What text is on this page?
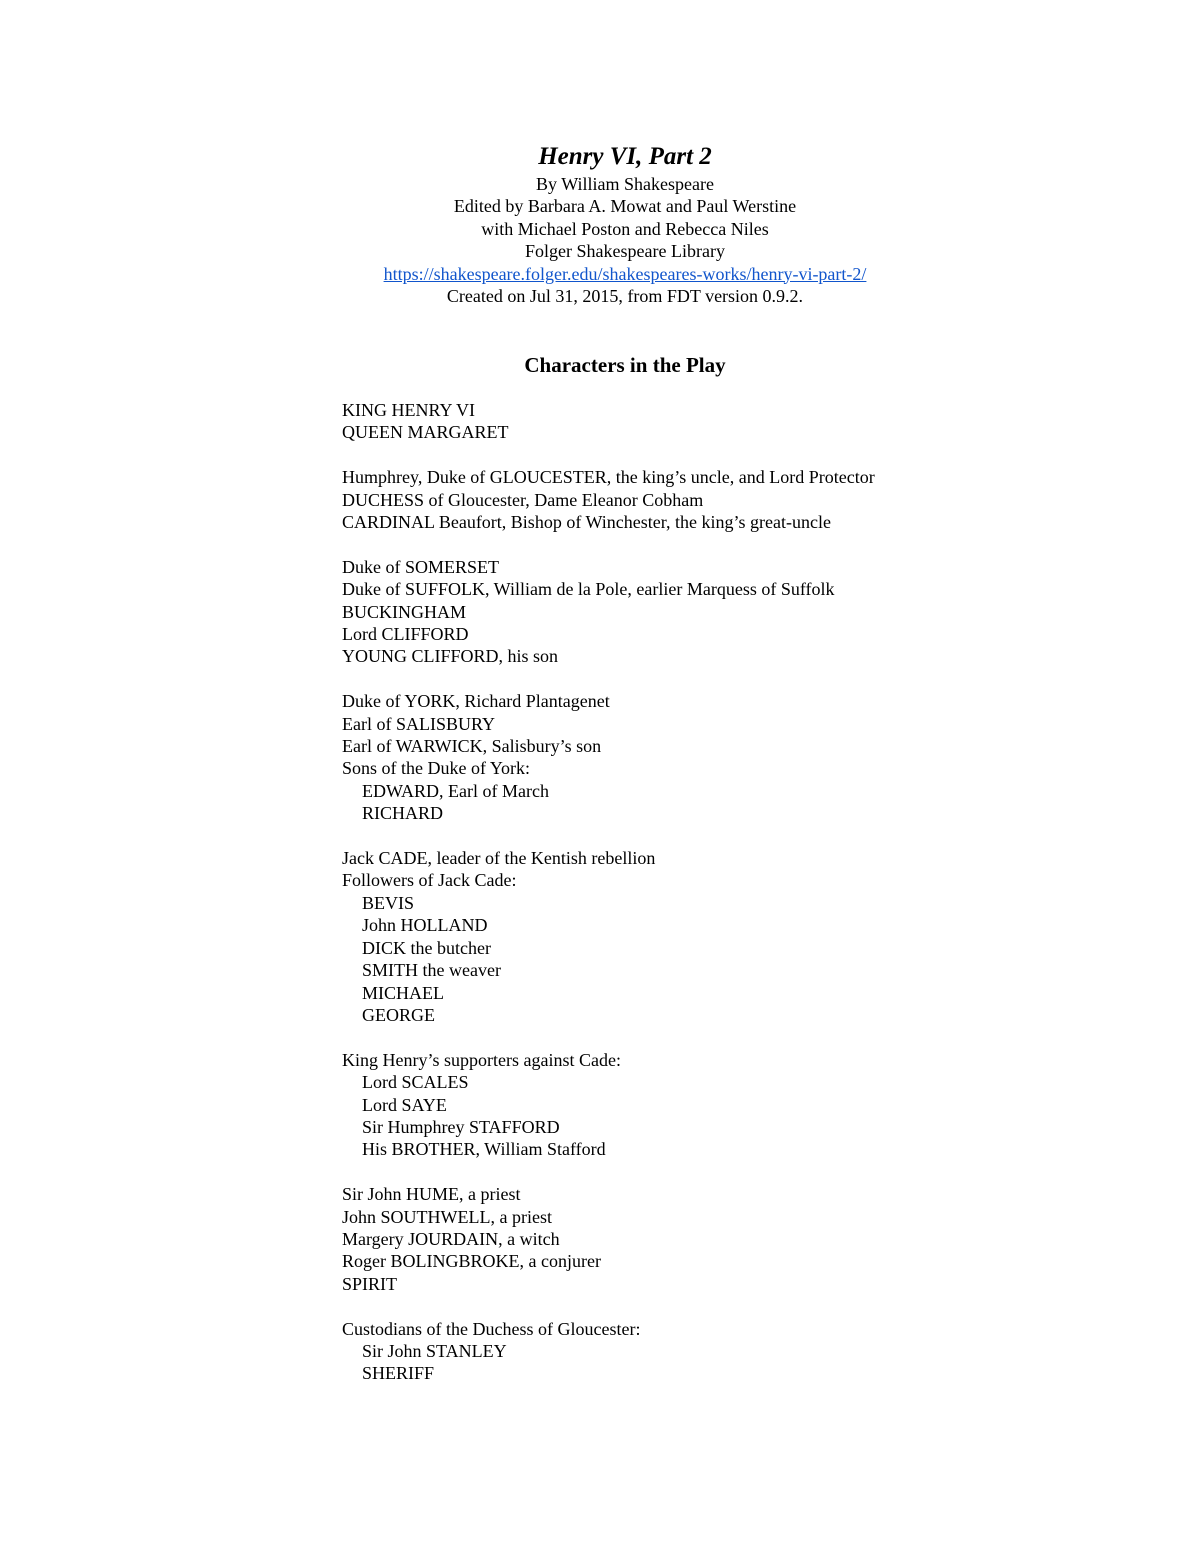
Henry VI, Part 2

By William Shakespeare

Edited by Barbara A. Mowat and Paul Werstine

with Michael Poston and Rebecca Niles

Folger Shakespeare Library

https://shakespeare.folger.edu/shakespeares-works/henry-vi-part-2/

Created on Jul 31, 2015, from FDT version 0.9.2.

Characters in the Play

KING HENRY VI

QUEEN MARGARET

Humphrey, Duke of GLOUCESTER, the king’s uncle, and Lord Protector

DUCHESS of Gloucester, Dame Eleanor Cobham

CARDINAL Beaufort, Bishop of Winchester, the king’s great-uncle

Duke of SOMERSET

Duke of SUFFOLK, William de la Pole, earlier Marquess of Suffolk

BUCKINGHAM

Lord CLIFFORD

YOUNG CLIFFORD, his son

Duke of YORK, Richard Plantagenet

Earl of SALISBURY

Earl of WARWICK, Salisbury’s son

Sons of the Duke of York:

EDWARD, Earl of March

RICHARD

Jack CADE, leader of the Kentish rebellion

Followers of Jack Cade:

BEVIS

John HOLLAND

DICK the butcher

SMITH the weaver

MICHAEL

GEORGE

King Henry’s supporters against Cade:

Lord SCALES

Lord SAYE

Sir Humphrey STAFFORD

His BROTHER, William Stafford

Sir John HUME, a priest

John SOUTHWELL, a priest

Margery JOURDAIN, a witch

Roger BOLINGBROKE, a conjurer

SPIRIT

Custodians of the Duchess of Gloucester:

Sir John STANLEY

SHERIFF
